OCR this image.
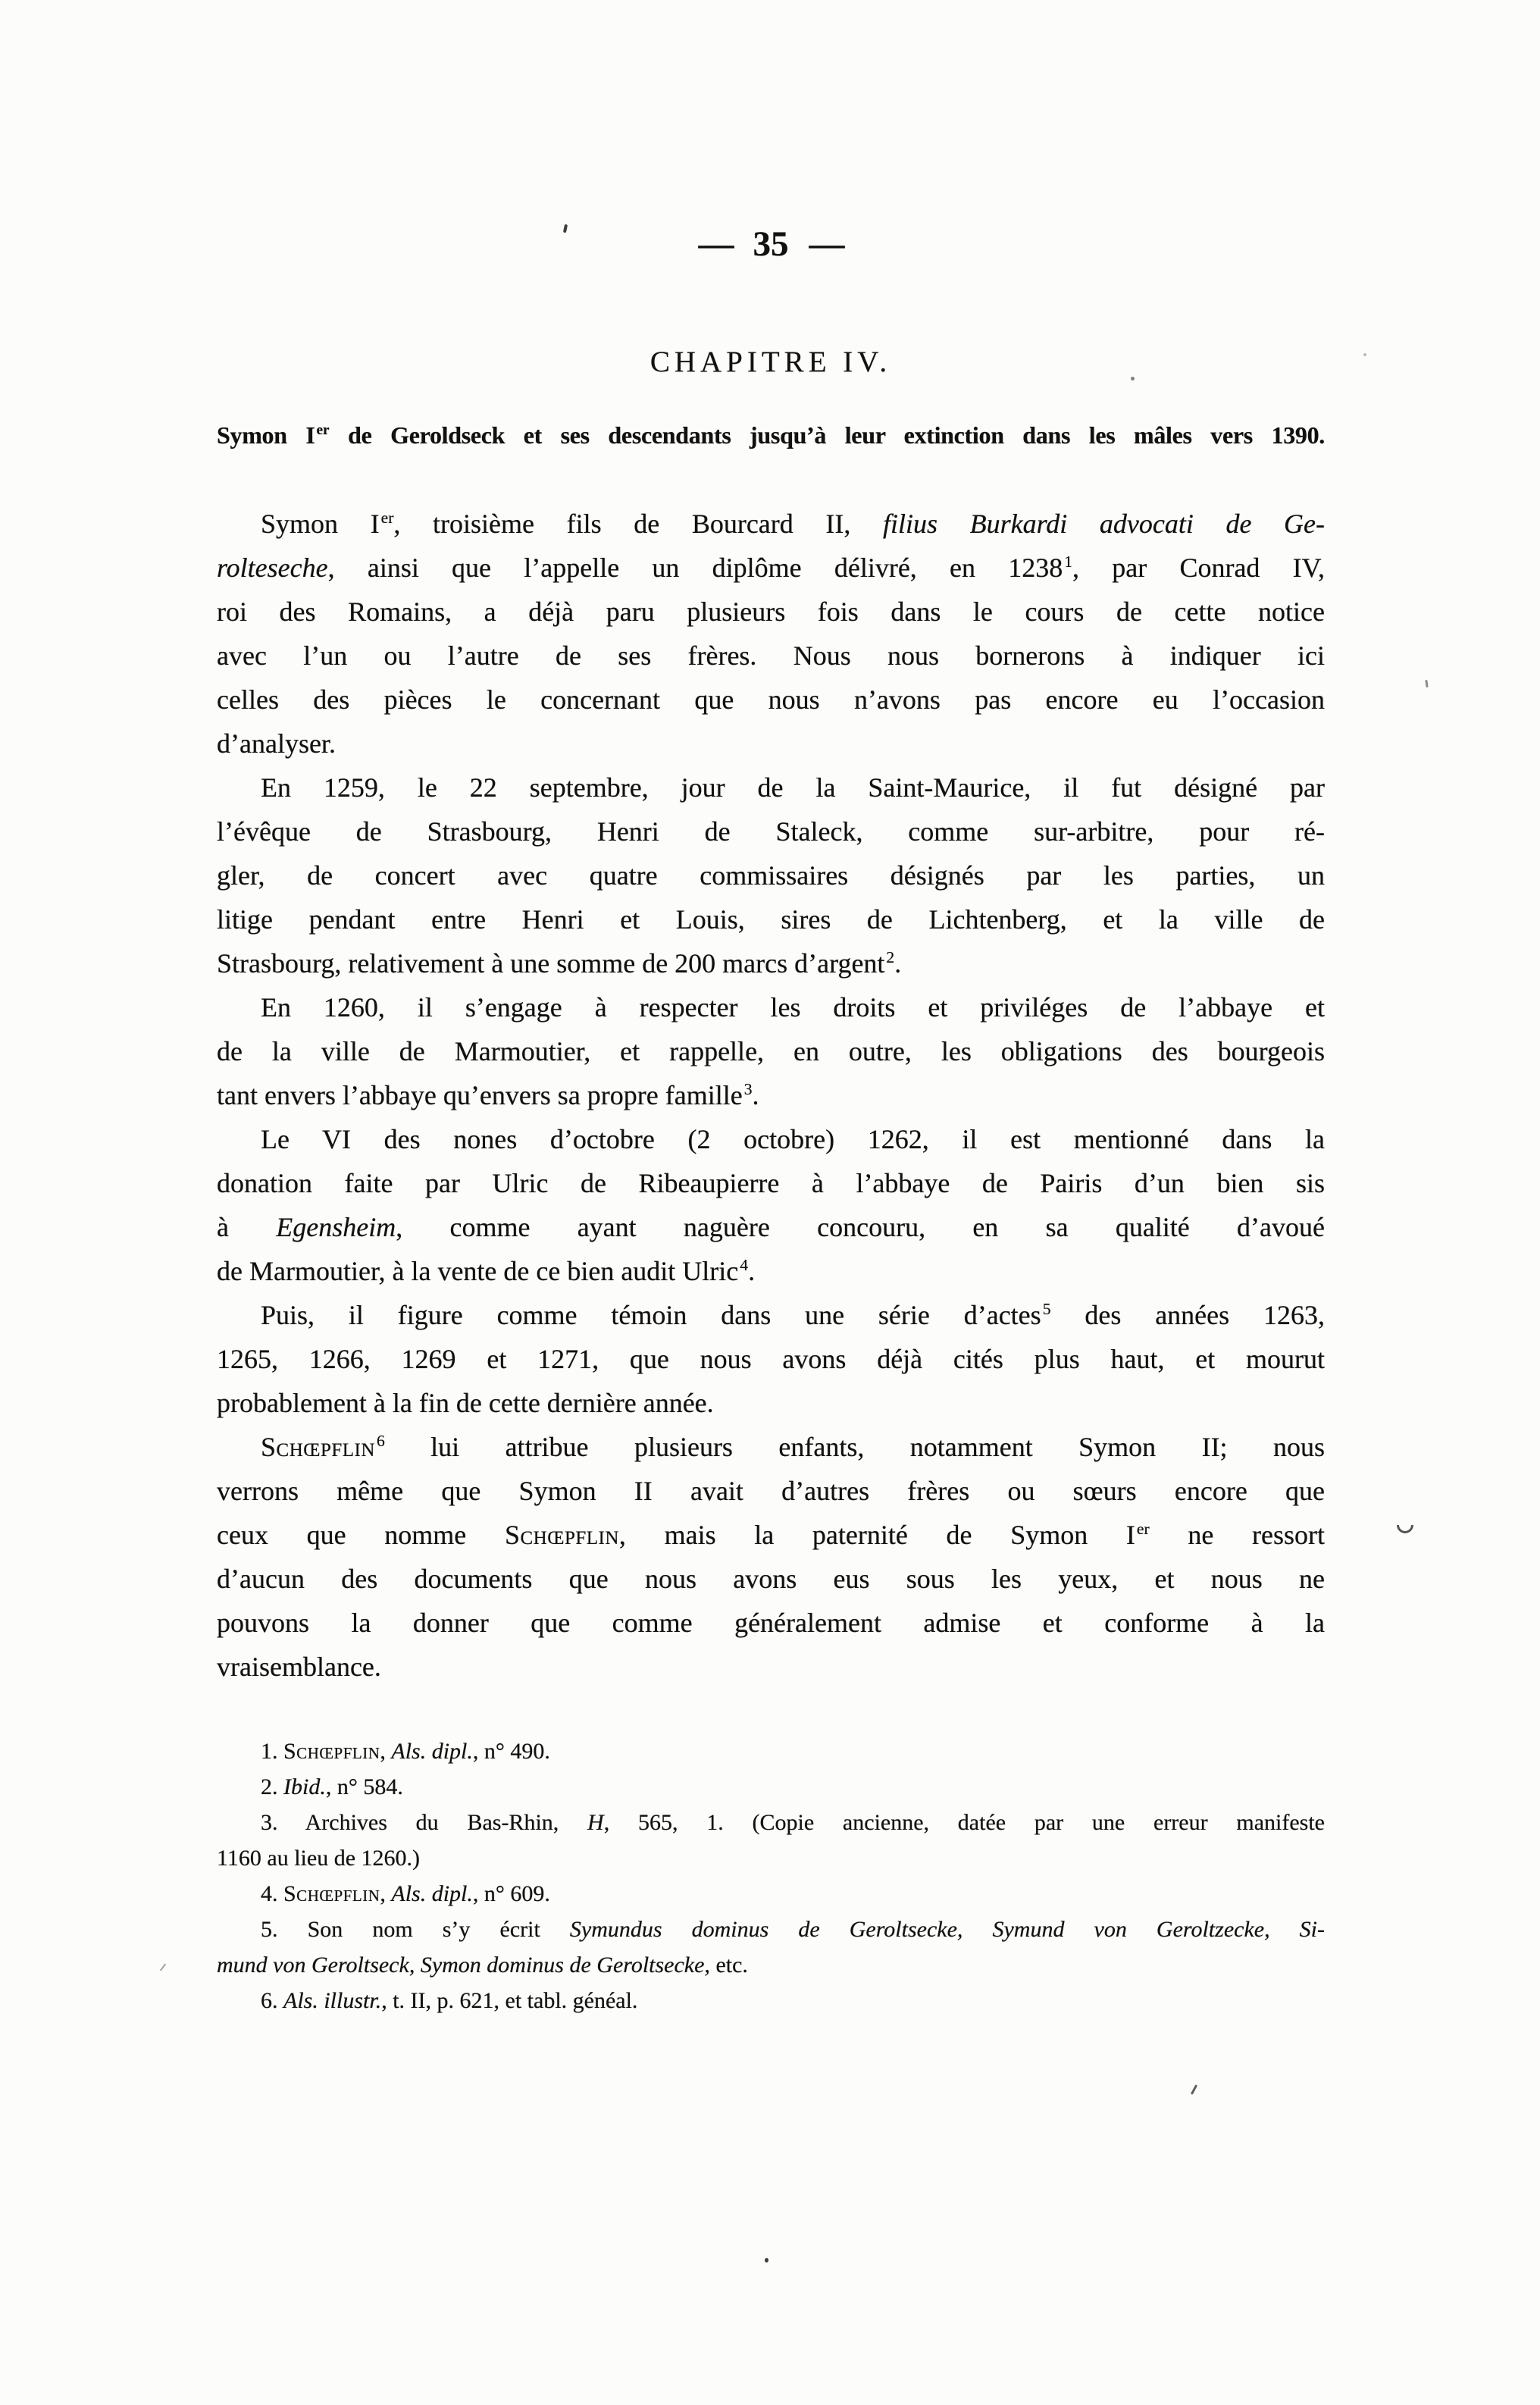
— 35 —
CHAPITRE IV.
Symon I $^{er}$ de Geroldseck et ses descendants jusqu’à leur extinction dans les mâles vers 1390.
Symon Ier, troisième fils de Bourcard II, filius Burkardi advocati de Ge-
rolteseche, ainsi que l’appelle un diplôme délivré, en 1238$^1$, par Conrad IV,
roi des Romains, a déjà paru plusieurs fois dans le cours de cette notice
avec l’un ou l’autre de ses frères. Nous nous bornerons à indiquer ici
celles des pièces le concernant que nous n’avons pas encore eu l’occasion
d’analyser.
En 1259, le 22 septembre, jour de la Saint-Maurice, il fut désigné par
l’évêque de Strasbourg, Henri de Staleck, comme sur-arbitre, pour ré-
gler, de concert avec quatre commissaires désignés par les parties, un
litige pendant entre Henri et Louis, sires de Lichtenberg, et la ville de
Strasbourg, relativement à une somme de 200 marcs d’argent$^2$.
En 1260, il s’engage à respecter les droits et priviléges de l’abbaye et
de la ville de Marmoutier, et rappelle, en outre, les obligations des bourgeois
tant envers l’abbaye qu’envers sa propre famille$^3$.
Le VI des nones d’octobre (2 octobre) 1262, il est mentionné dans la
donation faite par Ulric de Ribeaupierre à l’abbaye de Pairis d’un bien sis
à Egensheim, comme ayant naguère concouru, en sa qualité d’avoué
de Marmoutier, à la vente de ce bien audit Ulric$^4$.
Puis, il figure comme témoin dans une série d’actes$^5$ des années 1263,
1265, 1266, 1269 et 1271, que nous avons déjà cités plus haut, et mourut
probablement à la fin de cette dernière année.
Schœpflin$^6$ lui attribue plusieurs enfants, notamment Symon II; nous
verrons même que Symon II avait d’autres frères ou sœurs encore que
ceux que nomme Schœpflin, mais la paternité de Symon Ier ne ressort
d’aucun des documents que nous avons eus sous les yeux, et nous ne
pouvons la donner que comme généralement admise et conforme à la
vraisemblance.
1. Schœpflin, Als. dipl., n° 490.
2. Ibid., n° 584.
3. Archives du Bas-Rhin, H, 565, 1. (Copie ancienne, datée par une erreur manifeste
1160 au lieu de 1260.)
4. Schœpflin, Als. dipl., n° 609.
5. Son nom s’y écrit Symundus dominus de Geroltsecke, Symund von Geroltzecke, Si-
mund von Geroltseck, Symon dominus de Geroltsecke, etc.
6. Als. illustr., t. II, p. 621, et tabl. généal.
